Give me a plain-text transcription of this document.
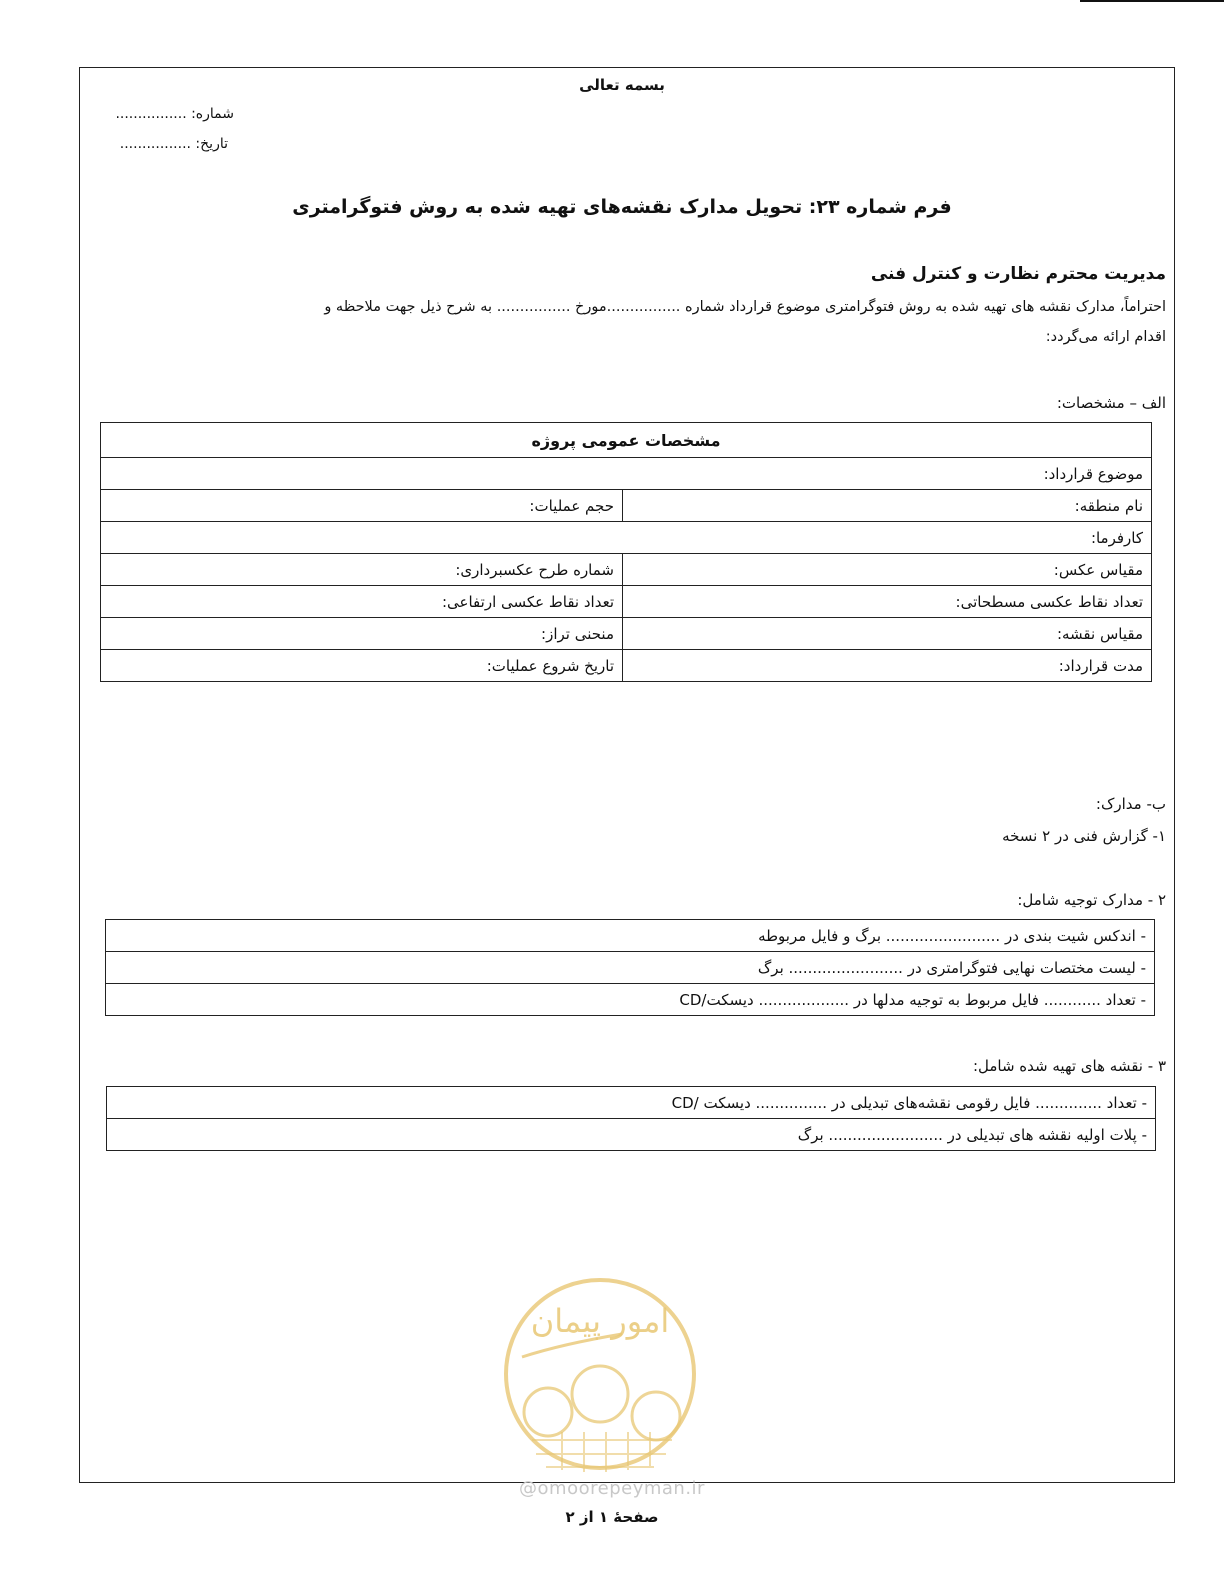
بسمه تعالی
شماره: ................
تاریخ: ................
فرم شماره ۲۳: تحویل مدارک نقشه‌های تهیه شده به روش فتوگرامتری
مدیریت محترم نظارت و کنترل فنی
احتراماً، مدارک نقشه های تهیه شده به روش فتوگرامتری موضوع قرارداد شماره ................مورخ ................ به شرح ذیل جهت ملاحظه و
اقدام ارائه می‌گردد:
الف – مشخصات:
مشخصات عمومی پروژه	
موضوع قرارداد:	
نام منطقه:	حجم عملیات:
کارفرما:	
مقیاس عکس:	شماره طرح عکسبرداری:
تعداد نقاط عکسی مسطحاتی:	تعداد نقاط عکسی ارتفاعی:
مقیاس نقشه:	منحنی تراز:
مدت قرارداد:	تاریخ شروع عملیات:
ب- مدارک:
۱- گزارش فنی در ۲ نسخه
۲ - مدارک توجیه شامل:
- اندکس شیت بندی در ........................ برگ و فایل مربوطه
- لیست مختصات نهایی فتوگرامتری در ........................ برگ
- تعداد ............ فایل مربوط به توجیه مدلها در ................... دیسکت/CD
۳ - نقشه های تهیه شده شامل:
- تعداد .............. فایل رقومی نقشه‌های تبدیلی در ............... دیسکت /CD
- پلات اولیه نقشه های تبدیلی در ........................ برگ
امور پیمان
@omoorepeyman.ir
صفحهٔ ۱ از ۲
